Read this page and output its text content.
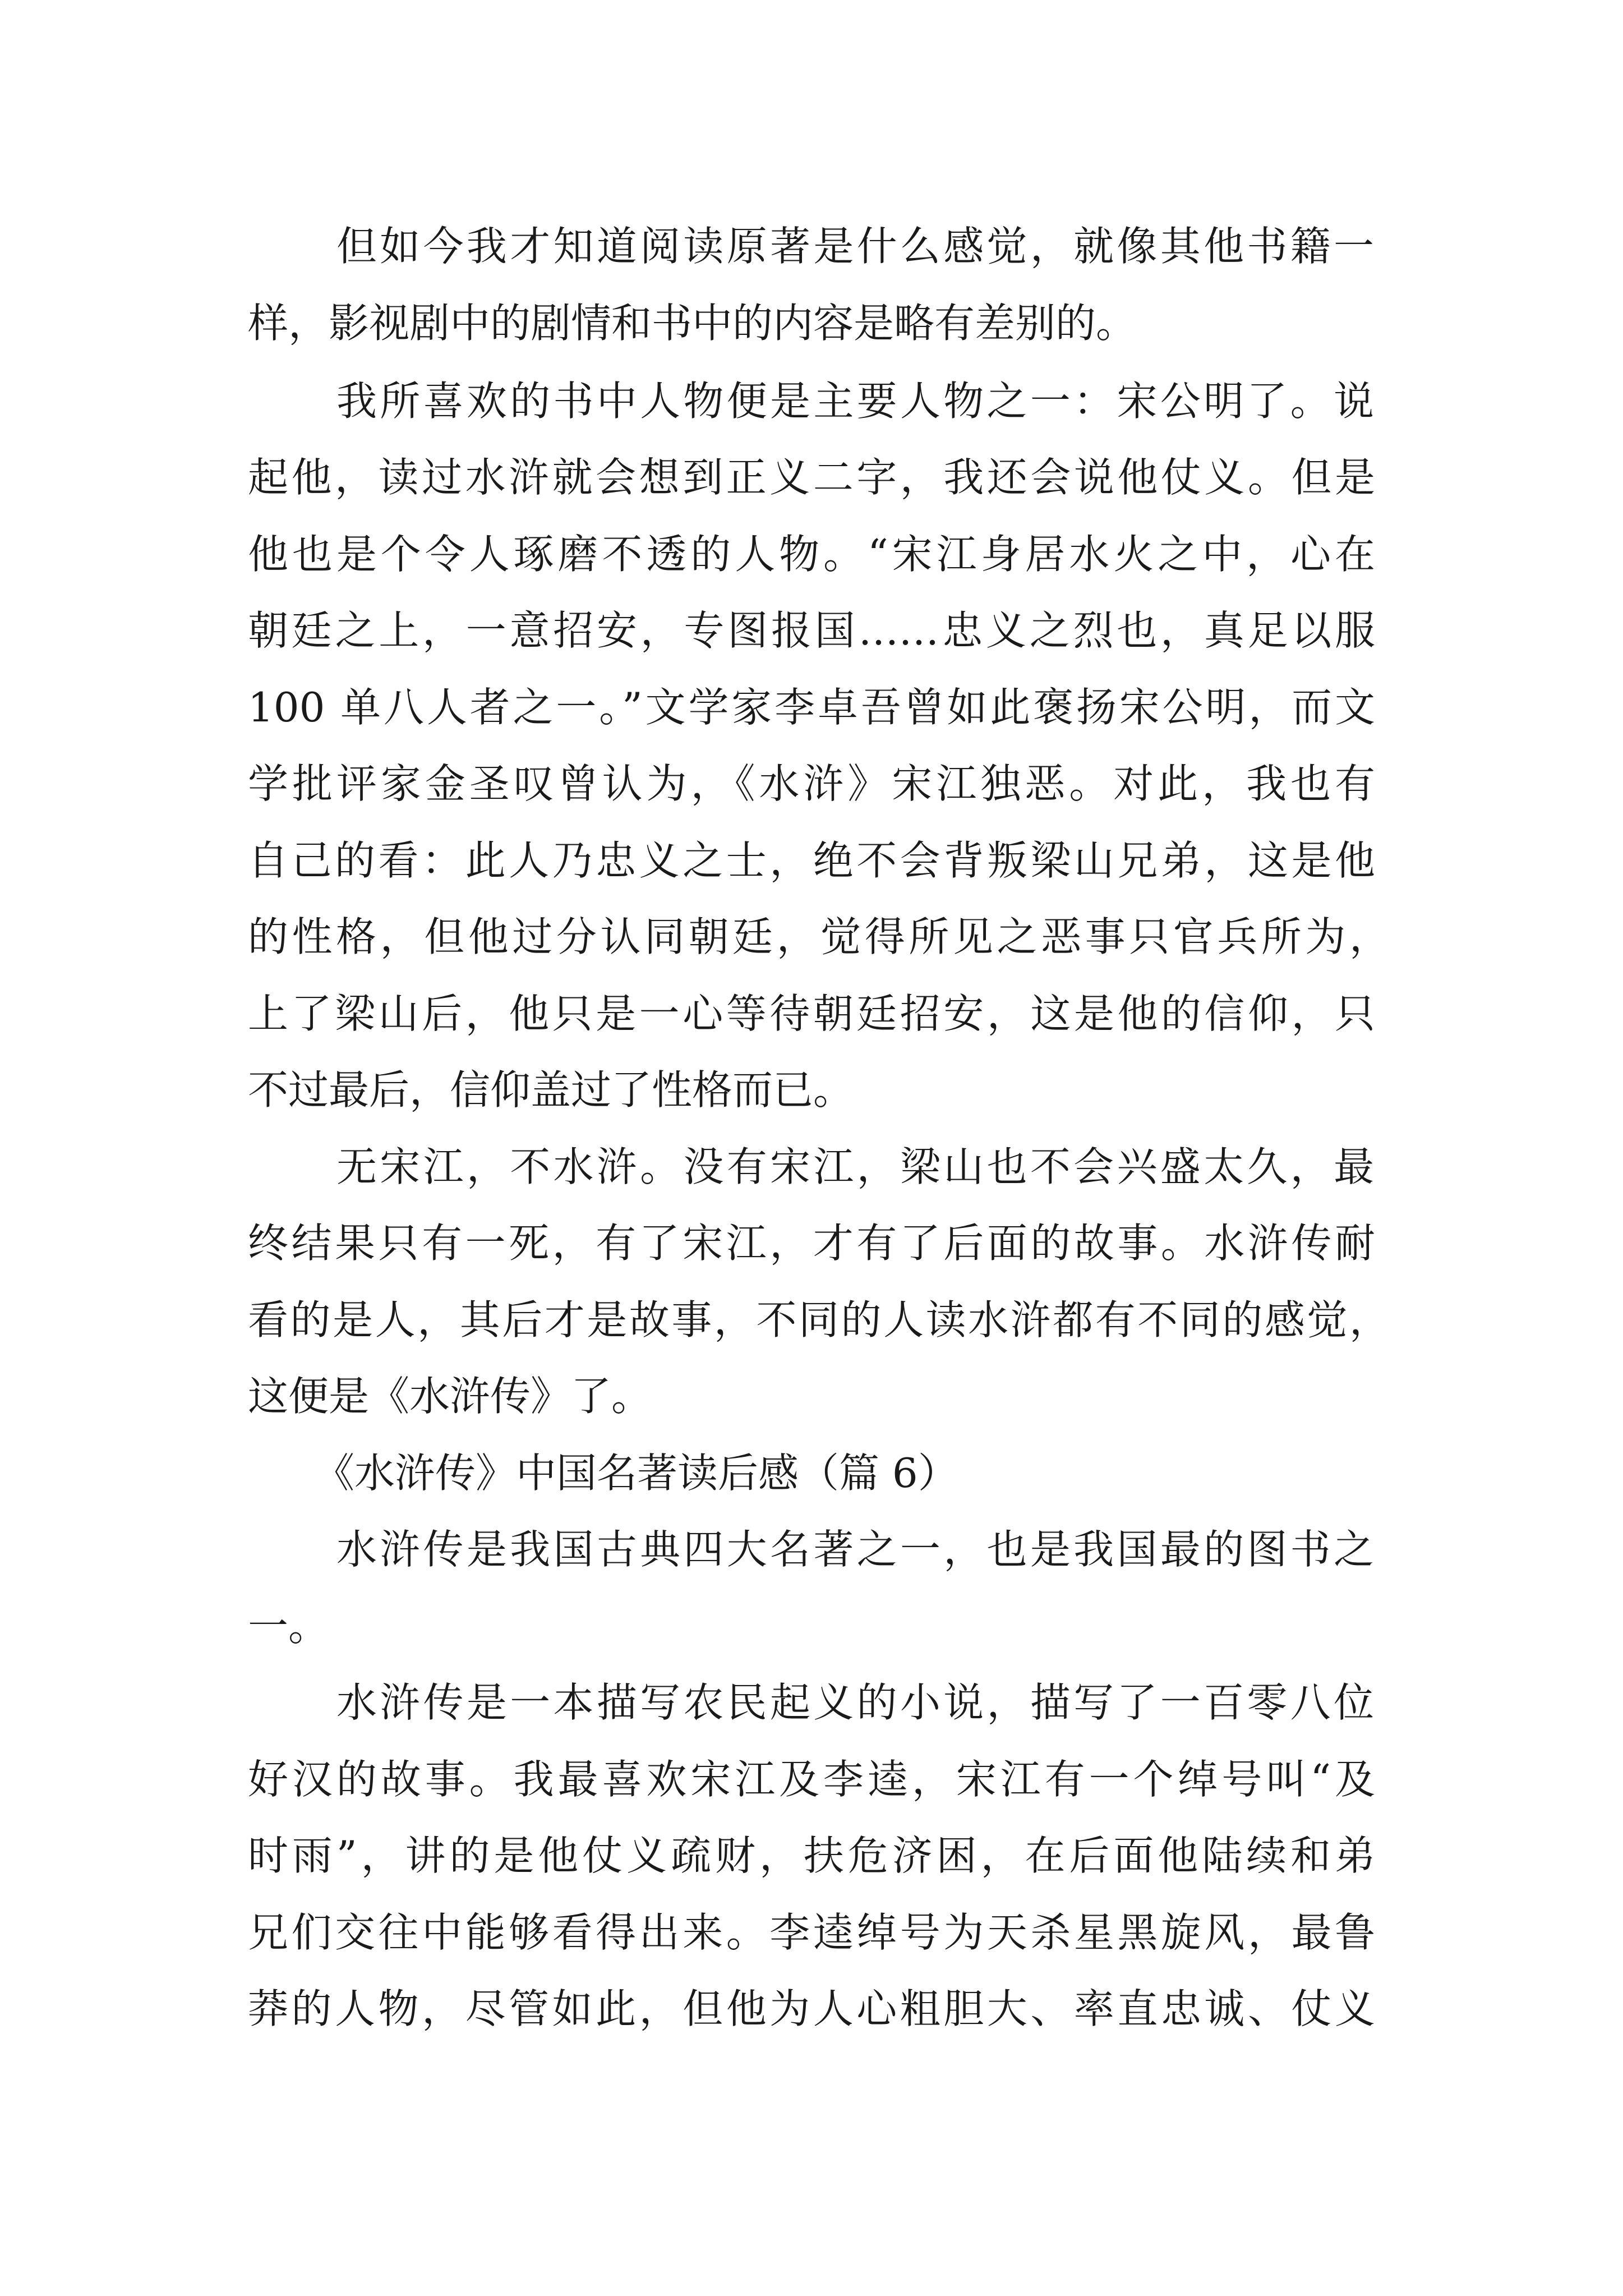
但如今我才知道阅读原著是什么感觉，就像其他书籍一
样，影视剧中的剧情和书中的内容是略有差别的。
我所喜欢的书中人物便是主要人物之一：宋公明了。说
起他，读过水浒就会想到正义二字，我还会说他仗义。但是
他也是个令人琢磨不透的人物。“宋江身居水火之中，心在
朝廷之上，一意招安，专图报国……忠义之烈也，真足以服
100 单八人者之一。”文学家李卓吾曾如此褒扬宋公明，而文
学批评家金圣叹曾认为，《水浒》宋江独恶。对此，我也有
自己的看：此人乃忠义之士，绝不会背叛梁山兄弟，这是他
的性格，但他过分认同朝廷，觉得所见之恶事只官兵所为，
上了梁山后，他只是一心等待朝廷招安，这是他的信仰，只
不过最后，信仰盖过了性格而已。
无宋江，不水浒。没有宋江，梁山也不会兴盛太久，最
终结果只有一死，有了宋江，才有了后面的故事。水浒传耐
看的是人，其后才是故事，不同的人读水浒都有不同的感觉，
这便是《水浒传》了。
《水浒传》中国名著读后感（篇 6）
水浒传是我国古典四大名著之一，也是我国最的图书之
一。
水浒传是一本描写农民起义的小说，描写了一百零八位
好汉的故事。我最喜欢宋江及李逵，宋江有一个绰号叫“及
时雨”，讲的是他仗义疏财，扶危济困，在后面他陆续和弟
兄们交往中能够看得出来。李逵绰号为天杀星黑旋风，最鲁
莽的人物，尽管如此，但他为人心粗胆大、率直忠诚、仗义
